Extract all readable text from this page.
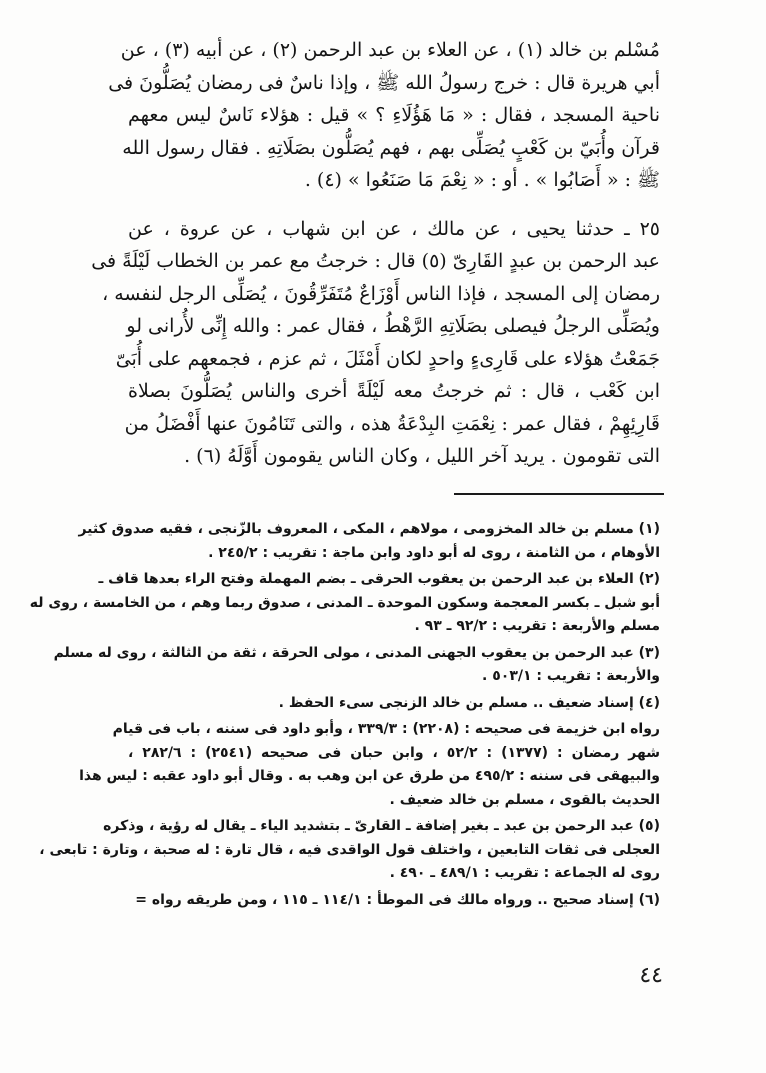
مُسْلم بن خالد (١) ، عن العلاء بن عبد الرحمن (٢) ، عن أبيه (٣) ، عن
أبي هريرة قال : خرج رسولُ الله ﷺ ، وإذا ناسٌ فى رمضان يُصَلُّونَ فى
ناحية المسجد ، فقال : « مَا هَؤُلَاءِ ؟ » قيل : هؤلاء نَاسٌ ليس معهم
قرآن وأُبَيّ بن كَعْبٍ يُصَلِّى بهم ، فهم يُصَلُّون بصَلَاتِهِ . فقال رسول الله
ﷺ : « أَصَابُوا » . أو : « نِعْمَ مَا صَنَعُوا » (٤) .
٢٥ ـ حدثنا يحيى ، عن مالك ، عن ابن شهاب ، عن عروة ، عن
عبد الرحمن بن عبدٍ القَارِىّ (٥) قال : خرجتُ مع عمر بن الخطاب لَيْلَةً فى
رمضان إلى المسجد ، فإذا الناس أَوْزَاعٌ مُتَفَرِّقُونَ ، يُصَلِّى الرجل لنفسه ،
ويُصَلِّى الرجلُ فيصلى بصَلَاتِهِ الرَّهْطُ ، فقال عمر : والله إِنِّى لأُرانى لو
جَمَعْتُ هؤلاء على قَارِىءٍ واحدٍ لكان أَمْثَلَ ، ثم عزم ، فجمعهم على أُبَىّ
ابن كَعْب ، قال : ثم خرجتُ معه لَيْلَةً أخرى والناس يُصَلُّونَ بصلاة
قَارِئِهِمْ ، فقال عمر : نِعْمَتِ البِدْعَةُ هذه ، والتى تَنَامُونَ عنها أَفْضَلُ من
التى تقومون . يريد آخر الليل ، وكان الناس يقومون أَوَّلَهُ (٦) .
(١) مسلم بن خالد المخزومى ، مولاهم ، المكى ، المعروف بالزّنجى ، فقيه صدوق كثير
الأوهام ، من الثامنة ، روى له أبو داود وابن ماجة : تقريب : ٢٤٥/٢ .
(٢) العلاء بن عبد الرحمن بن يعقوب الحرقى ـ بضم المهملة وفتح الراء بعدها قاف ـ
أبو شبل ـ بكسر المعجمة وسكون الموحدة ـ المدنى ، صدوق ربما وهم ، من الخامسة ، روى له
مسلم والأربعة : تقريب : ٩٢/٢ ـ ٩٣ .
(٣) عبد الرحمن بن يعقوب الجهنى المدنى ، مولى الحرقة ، ثقة من الثالثة ، روى له مسلم
والأربعة : تقريب : ٥٠٣/١ .
(٤) إسناد ضعيف .. مسلم بن خالد الزنجى سىء الحفظ .
رواه ابن خزيمة فى صحيحه : (٢٢٠٨) : ٣٣٩/٣ ، وأبو داود فى سننه ، باب فى قيام
شهر رمضان : (١٣٧٧) : ٥٢/٢ ، وابن حبان فى صحيحه (٢٥٤١) : ٢٨٢/٦ ،
والبيهقى فى سننه : ٤٩٥/٢ من طرق عن ابن وهب به . وقال أبو داود عقبه : ليس هذا
الحديث بالقوى ، مسلم بن خالد ضعيف .
(٥) عبد الرحمن بن عبد ـ بغير إضافة ـ القارىّ ـ بتشديد الياء ـ يقال له رؤية ، وذكره
العجلى فى ثقات التابعين ، واختلف قول الواقدى فيه ، قال تارة : له صحبة ، وتارة : تابعى ،
روى له الجماعة : تقريب : ٤٨٩/١ ـ ٤٩٠ .
(٦) إسناد صحيح .. ورواه مالك فى الموطأ : ١١٤/١ ـ ١١٥ ، ومن طريقه رواه =
٤٤
